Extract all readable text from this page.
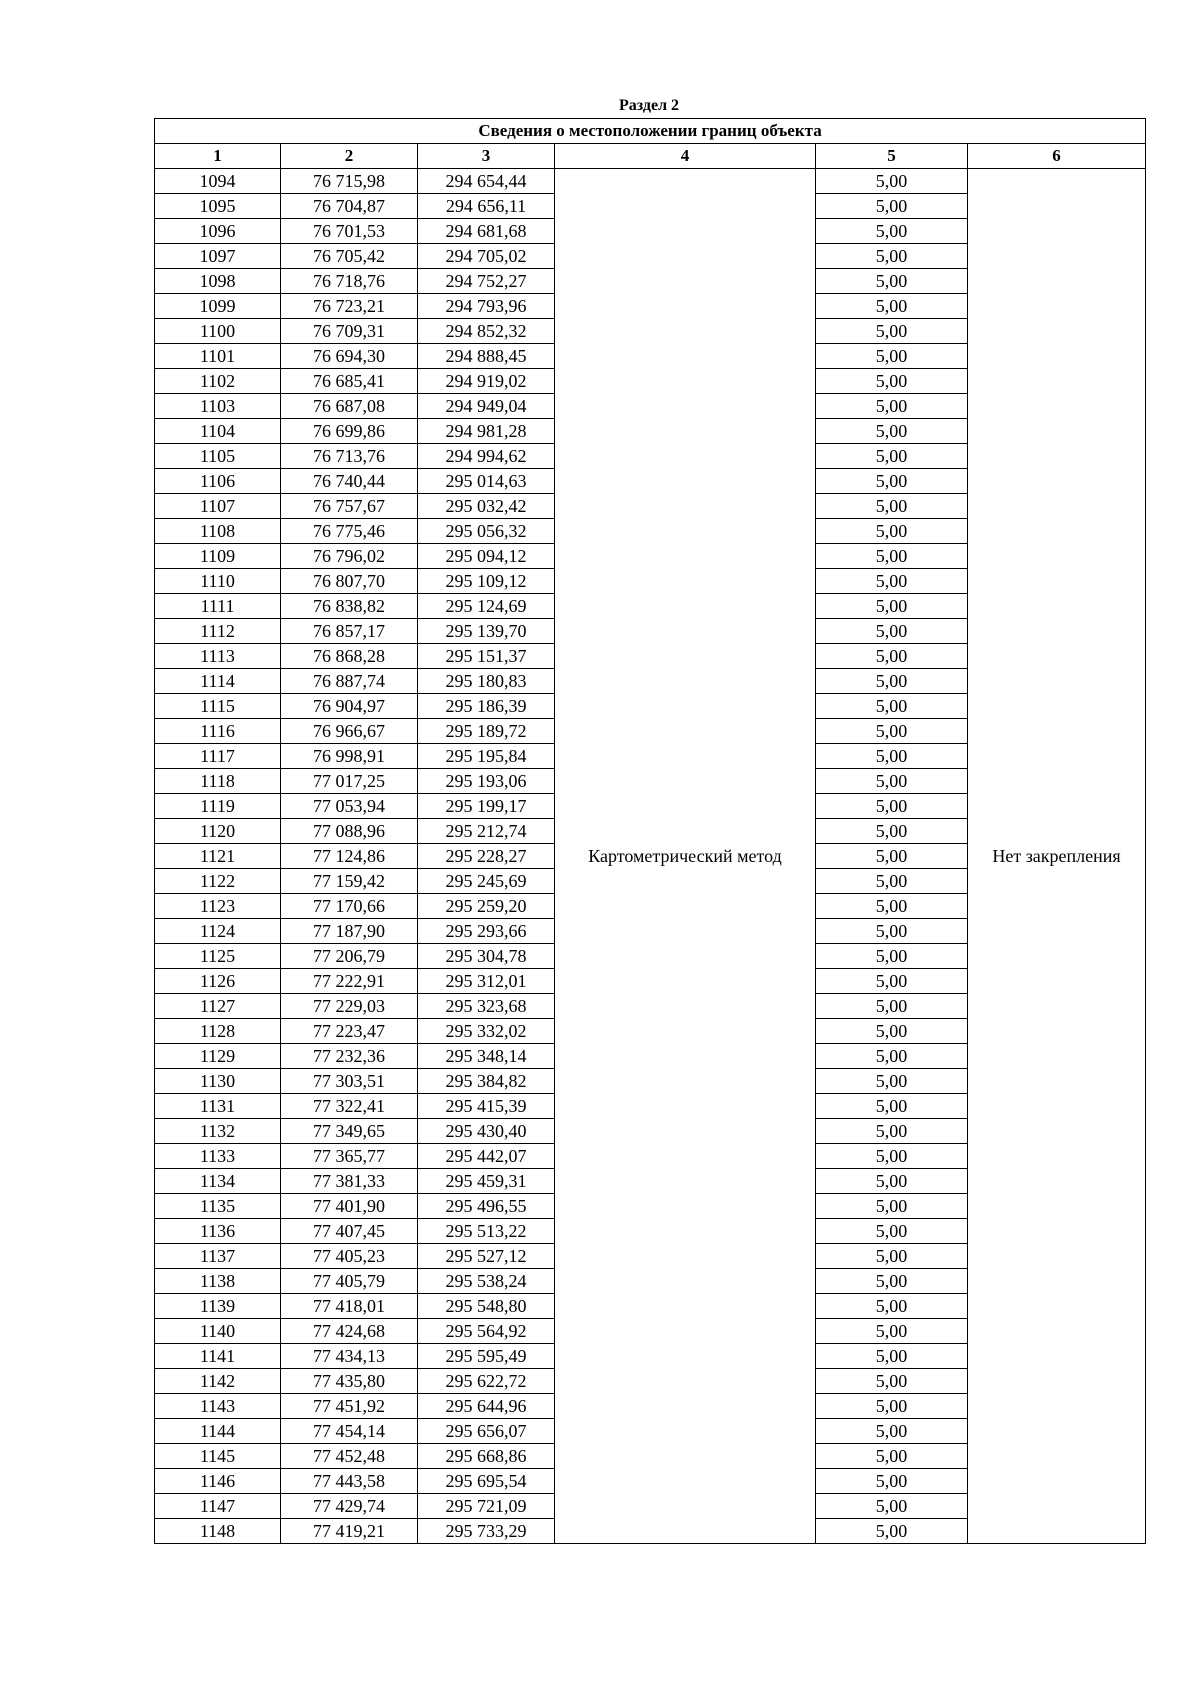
Раздел 2
Сведения о местоположении границ объекта					
1	2	3	4	5	6
1094	76 715,98	294 654,44	Картометрический метод	5,00	Нет закрепления
1095	76 704,87	294 656,11		5,00	
1096	76 701,53	294 681,68		5,00	
1097	76 705,42	294 705,02		5,00	
1098	76 718,76	294 752,27		5,00	
1099	76 723,21	294 793,96		5,00	
1100	76 709,31	294 852,32		5,00	
1101	76 694,30	294 888,45		5,00	
1102	76 685,41	294 919,02		5,00	
1103	76 687,08	294 949,04		5,00	
1104	76 699,86	294 981,28		5,00	
1105	76 713,76	294 994,62		5,00	
1106	76 740,44	295 014,63		5,00	
1107	76 757,67	295 032,42		5,00	
1108	76 775,46	295 056,32		5,00	
1109	76 796,02	295 094,12		5,00	
1110	76 807,70	295 109,12		5,00	
1111	76 838,82	295 124,69		5,00	
1112	76 857,17	295 139,70		5,00	
1113	76 868,28	295 151,37		5,00	
1114	76 887,74	295 180,83		5,00	
1115	76 904,97	295 186,39		5,00	
1116	76 966,67	295 189,72		5,00	
1117	76 998,91	295 195,84		5,00	
1118	77 017,25	295 193,06		5,00	
1119	77 053,94	295 199,17		5,00	
1120	77 088,96	295 212,74		5,00	
1121	77 124,86	295 228,27		5,00	
1122	77 159,42	295 245,69		5,00	
1123	77 170,66	295 259,20		5,00	
1124	77 187,90	295 293,66		5,00	
1125	77 206,79	295 304,78		5,00	
1126	77 222,91	295 312,01		5,00	
1127	77 229,03	295 323,68		5,00	
1128	77 223,47	295 332,02		5,00	
1129	77 232,36	295 348,14		5,00	
1130	77 303,51	295 384,82		5,00	
1131	77 322,41	295 415,39		5,00	
1132	77 349,65	295 430,40		5,00	
1133	77 365,77	295 442,07		5,00	
1134	77 381,33	295 459,31		5,00	
1135	77 401,90	295 496,55		5,00	
1136	77 407,45	295 513,22		5,00	
1137	77 405,23	295 527,12		5,00	
1138	77 405,79	295 538,24		5,00	
1139	77 418,01	295 548,80		5,00	
1140	77 424,68	295 564,92		5,00	
1141	77 434,13	295 595,49		5,00	
1142	77 435,80	295 622,72		5,00	
1143	77 451,92	295 644,96		5,00	
1144	77 454,14	295 656,07		5,00	
1145	77 452,48	295 668,86		5,00	
1146	77 443,58	295 695,54		5,00	
1147	77 429,74	295 721,09		5,00	
1148	77 419,21	295 733,29		5,00	
